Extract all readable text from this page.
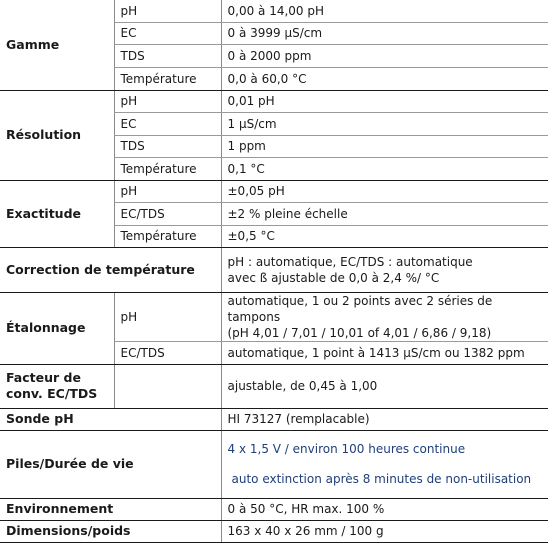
Gamme	pH	0,00 à 14,00 pH
	EC	0 à 3999 µS/cm
	TDS	0 à 2000 ppm
	Température	0,0 à 60,0 °C
Résolution	pH	0,01 pH
	EC	1 µS/cm
	TDS	1 ppm
	Température	0,1 °C
Exactitude	pH	±0,05 pH
	EC/TDS	±2 % pleine échelle
	Température	±0,5 °C
Correction de température		pH : automatique, EC/TDS : automatique
avec ß ajustable de 0,0 à 2,4 %/ °C

Étalonnage	pH	automatique, 1 ou 2 points avec 2 séries de tampons
(pH 4,01 / 7,01 / 10,01 of 4,01 / 6,86 / 9,18)

	EC/TDS	automatique, 1 point à 1413 µS/cm ou 1382 ppm

Facteur de
conv. EC/TDS		ajustable, de 0,45 à 1,00
Sonde pH		HI 73127 (remplacable)
Piles/Durée de vie		4 x 1,5 V / environ 100 heures continue
auto extinction après 8 minutes de non-utilisation

Environnement		0 à 50 °C, HR max. 100 %
Dimensions/poids		163 x 40 x 26 mm / 100 g
